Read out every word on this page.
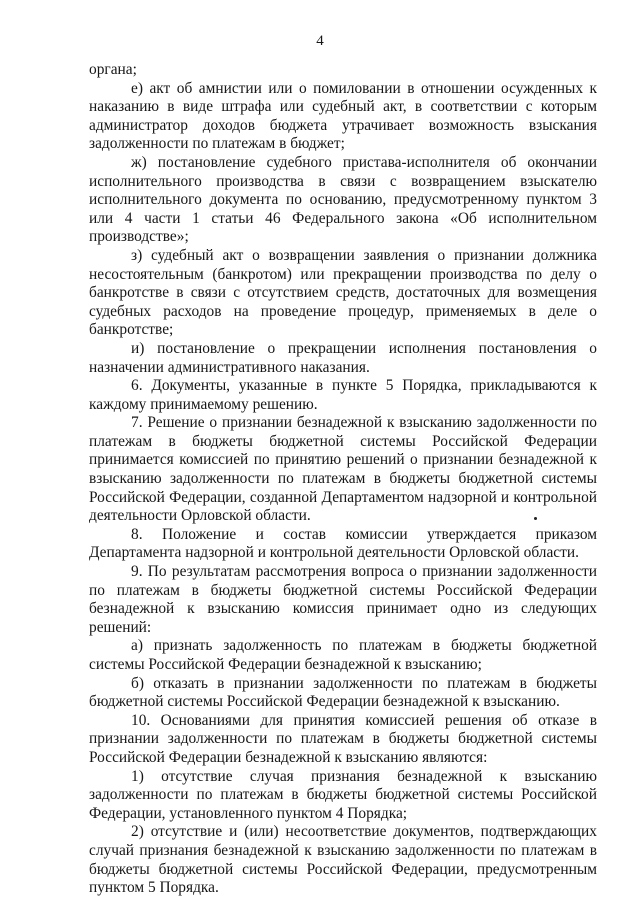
4

органа;

е) акт об амнистии или о помиловании в отношении осужденных к наказанию в виде штрафа или судебный акт, в соответствии с которым администратор доходов бюджета утрачивает возможность взыскания задолженности по платежам в бюджет;

ж) постановление судебного пристава-исполнителя об окончании исполнительного производства в связи с возвращением взыскателю исполнительного документа по основанию, предусмотренному пунктом 3 или 4 части 1 статьи 46 Федерального закона «Об исполнительном производстве»;

з) судебный акт о возвращении заявления о признании должника несостоятельным (банкротом) или прекращении производства по делу о банкротстве в связи с отсутствием средств, достаточных для возмещения судебных расходов на проведение процедур, применяемых в деле о банкротстве;

и) постановление о прекращении исполнения постановления о назначении административного наказания.

6. Документы, указанные в пункте 5 Порядка, прикладываются к каждому принимаемому решению.

7. Решение о признании безнадежной к взысканию задолженности по платежам в бюджеты бюджетной системы Российской Федерации принимается комиссией по принятию решений о признании безнадежной к взысканию задолженности по платежам в бюджеты бюджетной системы Российской Федерации, созданной Департаментом надзорной и контрольной деятельности Орловской области.

8. Положение и состав комиссии утверждается приказом Департамента надзорной и контрольной деятельности Орловской области.

9. По результатам рассмотрения вопроса о признании задолженности по платежам в бюджеты бюджетной системы Российской Федерации безнадежной к взысканию комиссия принимает одно из следующих решений:

а) признать задолженность по платежам в бюджеты бюджетной системы Российской Федерации безнадежной к взысканию;

б) отказать в признании задолженности по платежам в бюджеты бюджетной системы Российской Федерации безнадежной к взысканию.

10. Основаниями для принятия комиссией решения об отказе в признании задолженности по платежам в бюджеты бюджетной системы Российской Федерации безнадежной к взысканию являются:

1) отсутствие случая признания безнадежной к взысканию задолженности по платежам в бюджеты бюджетной системы Российской Федерации, установленного пунктом 4 Порядка;

2) отсутствие и (или) несоответствие документов, подтверждающих случай признания безнадежной к взысканию задолженности по платежам в бюджеты бюджетной системы Российской Федерации, предусмотренным пунктом 5 Порядка.
